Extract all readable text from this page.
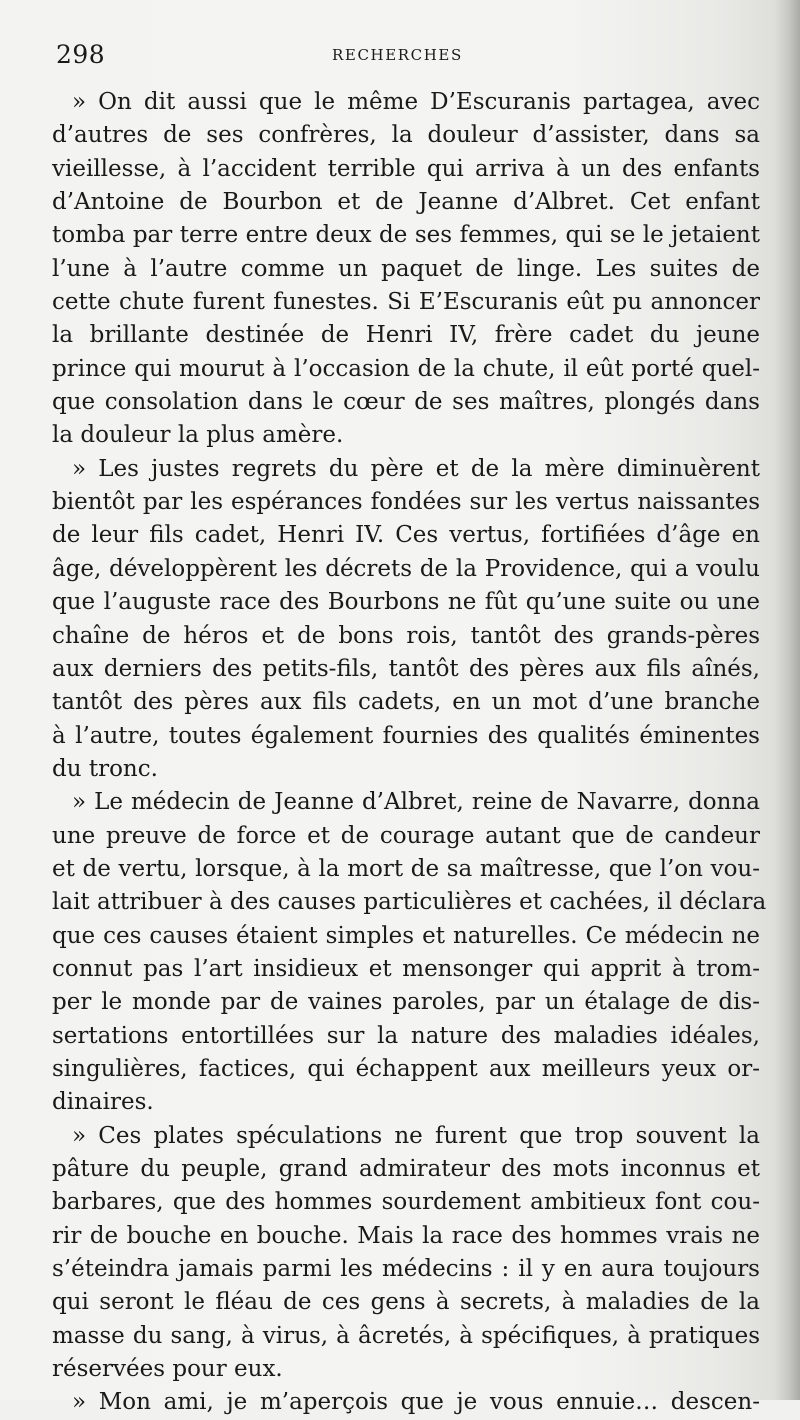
298	RECHERCHES
» On dit aussi que le même D’Escuranis partagea, avec
d’autres de ses confrères, la douleur d’assister, dans sa
vieillesse, à l’accident terrible qui arriva à un des enfants
d’Antoine de Bourbon et de Jeanne d’Albret. Cet enfant
tomba par terre entre deux de ses femmes, qui se le jetaient
l’une à l’autre comme un paquet de linge. Les suites de
cette chute furent funestes. Si E’Escuranis eût pu annoncer
la brillante destinée de Henri IV, frère cadet du jeune
prince qui mourut à l’occasion de la chute, il eût porté quel-
que consolation dans le cœur de ses maîtres, plongés dans
la douleur la plus amère.
» Les justes regrets du père et de la mère diminuèrent
bientôt par les espérances fondées sur les vertus naissantes
de leur fils cadet, Henri IV. Ces vertus, fortifiées d’âge en
âge, développèrent les décrets de la Providence, qui a voulu
que l’auguste race des Bourbons ne fût qu’une suite ou une
chaîne de héros et de bons rois, tantôt des grands-pères
aux derniers des petits-fils, tantôt des pères aux fils aînés,
tantôt des pères aux fils cadets, en un mot d’une branche
à l’autre, toutes également fournies des qualités éminentes
du tronc.
» Le médecin de Jeanne d’Albret, reine de Navarre, donna
une preuve de force et de courage autant que de candeur
et de vertu, lorsque, à la mort de sa maîtresse, que l’on vou-
lait attribuer à des causes particulières et cachées, il déclara
que ces causes étaient simples et naturelles. Ce médecin ne
connut pas l’art insidieux et mensonger qui apprit à trom-
per le monde par de vaines paroles, par un étalage de dis-
sertations entortillées sur la nature des maladies idéales,
singulières, factices, qui échappent aux meilleurs yeux or-
dinaires.
» Ces plates spéculations ne furent que trop souvent la
pâture du peuple, grand admirateur des mots inconnus et
barbares, que des hommes sourdement ambitieux font cou-
rir de bouche en bouche. Mais la race des hommes vrais ne
s’éteindra jamais parmi les médecins : il y en aura toujours
qui seront le fléau de ces gens à secrets, à maladies de la
masse du sang, à virus, à âcretés, à spécifiques, à pratiques
réservées pour eux.
» Mon ami, je m’aperçois que je vous ennuie… descen-
